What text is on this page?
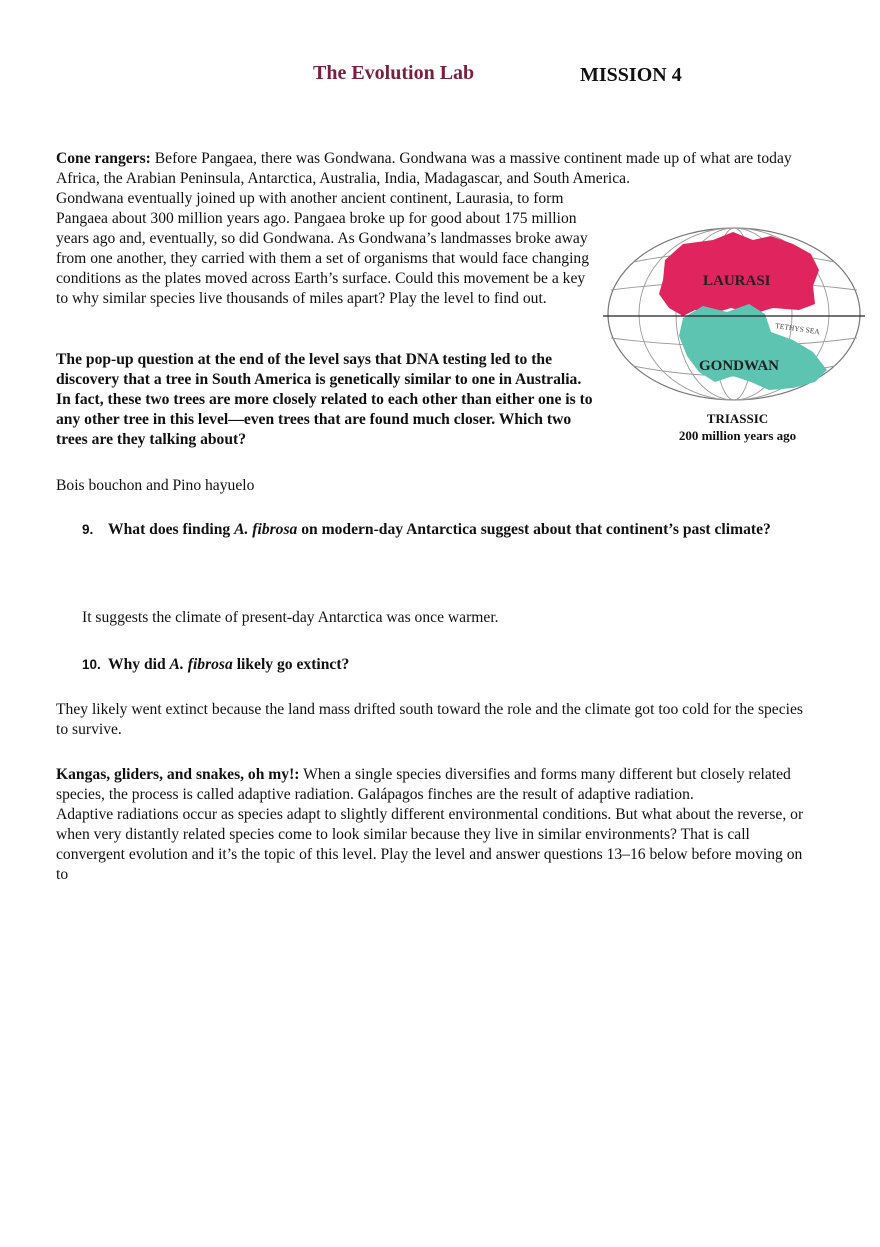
The Evolution Lab	MISSION 4
Cone rangers: Before Pangaea, there was Gondwana. Gondwana was a massive continent made up of what are today Africa, the Arabian Peninsula, Antarctica, Australia, India, Madagascar, and South America.
Gondwana eventually joined up with another ancient continent, Laurasia, to form Pangaea about 300 million years ago. Pangaea broke up for good about 175 million years ago and, eventually, so did Gondwana. As Gondwana’s landmasses broke away from one another, they carried with them a set of organisms that would face changing conditions as the plates moved across Earth’s surface. Could this movement be a key to why similar species live thousands of miles apart? Play the level to find out.
TETHYS SEA
LAURASI
GONDWAN
TRIASSIC
200 million years ago
The pop-up question at the end of the level says that DNA testing led to the discovery that a tree in South America is genetically similar to one in Australia. In fact, these two trees are more closely related to each other than either one is to any other tree in this level—even trees that are found much closer. Which two trees are they talking about?
Bois bouchon and Pino hayuelo
9. What does finding A. fibrosa on modern-day Antarctica suggest about that continent’s past climate?
It suggests the climate of present-day Antarctica was once warmer.
10. Why did A. fibrosa likely go extinct?
They likely went extinct because the land mass drifted south toward the role and the climate got too cold for the species to survive.
Kangas, gliders, and snakes, oh my!: When a single species diversifies and forms many different but closely related species, the process is called adaptive radiation. Galápagos finches are the result of adaptive radiation.
Adaptive radiations occur as species adapt to slightly different environmental conditions. But what about the reverse, or when very distantly related species come to look similar because they live in similar environments? That is call convergent evolution and it’s the topic of this level. Play the level and answer questions 13–16 below before moving on to
